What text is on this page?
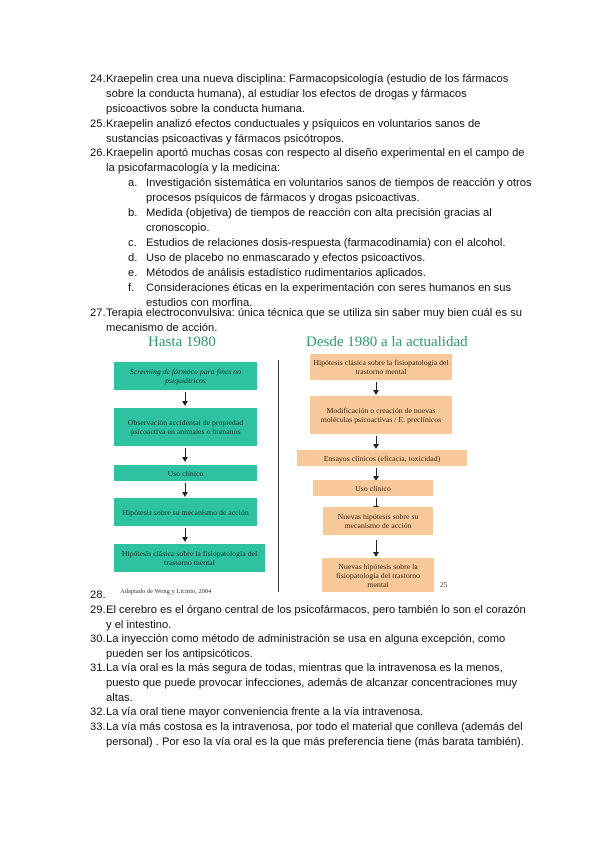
24. Kraepelin crea una nueva disciplina: Farmacopsicología (estudio de los fármacos sobre la conducta humana), al estudiar los efectos de drogas y fármacos psicoactivos sobre la conducta humana.
25. Kraepelin analizó efectos conductuales y psíquicos en voluntarios sanos de sustancias psicoactivas y fármacos psicótropos.
26. Kraepelin aportó muchas cosas con respecto al diseño experimental en el campo de la psicofarmacología y la medicina:
a. Investigación sistemática en voluntarios sanos de tiempos de reacción y otros procesos psíquicos de fármacos y drogas psicoactivas.
b. Medida (objetiva) de tiempos de reacción con alta precisión gracias al cronoscopio.
c. Estudios de relaciones dosis-respuesta (farmacodinamia) con el alcohol.
d. Uso de placebo no enmascarado y efectos psicoactivos.
e. Métodos de análisis estadístico rudimentarios aplicados.
f. Consideraciones éticas en la experimentación con seres humanos en sus estudios con morfina.
27. Terapia electroconvulsiva: única técnica que se utiliza sin saber muy bien cuál es su mecanismo de acción.
Hasta 1980	Desde 1980 a la actualidad
Screening de fármaco para fines no psiquiátricos
Observación accidental de propiedad psicoactiva en animales o humanos
Uso clínico
Hipótesis sobre su mecanismo de acción
Hipótesis clásica sobre la fisiopatología del trastorno mental
Hipótesis clásica sobre la fisiopatología del trastorno mental
Modificación o creación de nuevas moléculas psicoactivas / E. preclínicos
Ensayos clínicos (eficacia, toxicidad)
Uso clínico
Nuevas hipótesis sobre su mecanismo de acción
Nuevas hipótesis sobre la fisiopatología del trastorno mental
Adaptado de Wong y Licinio, 2004
25
28.
29. El cerebro es el órgano central de los psicofármacos, pero también lo son el corazón y el intestino.
30. La inyección como método de administración se usa en alguna excepción, como pueden ser los antipsicóticos.
31. La vía oral es la más segura de todas, mientras que la intravenosa es la menos, puesto que puede provocar infecciones, además de alcanzar concentraciones muy altas.
32. La vía oral tiene mayor conveniencia frente a la vía intravenosa.
33. La vía más costosa es la intravenosa, por todo el material que conlleva (además del personal) . Por eso la vía oral es la que más preferencia tiene (más barata también).
